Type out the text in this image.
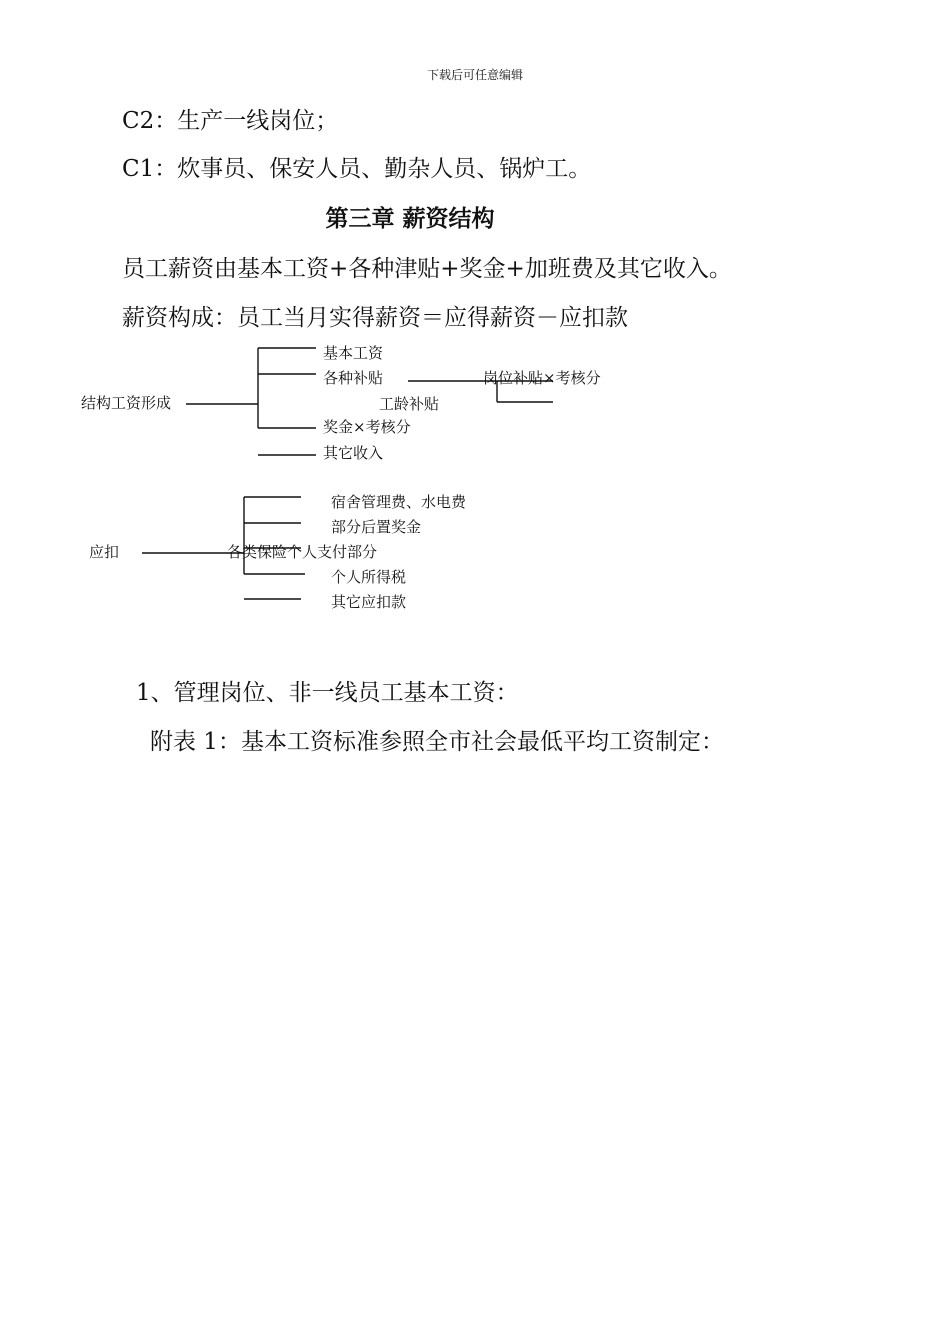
下载后可任意编辑
C2：生产一线岗位；
C1：炊事员、保安人员、勤杂人员、锅炉工。
第三章 薪资结构
员工薪资由基本工资+各种津贴+奖金+加班费及其它收入。
薪资构成：员工当月实得薪资＝应得薪资－应扣款
结构工资形成
基本工资
各种补贴
奖金×考核分
其它收入
岗位补贴×考核分
工龄补贴
应扣
宿舍管理费、水电费
部分后置奖金
各类保险个人支付部分
个人所得税
其它应扣款
1、管理岗位、非一线员工基本工资：
附表 1：基本工资标准参照全市社会最低平均工资制定：
